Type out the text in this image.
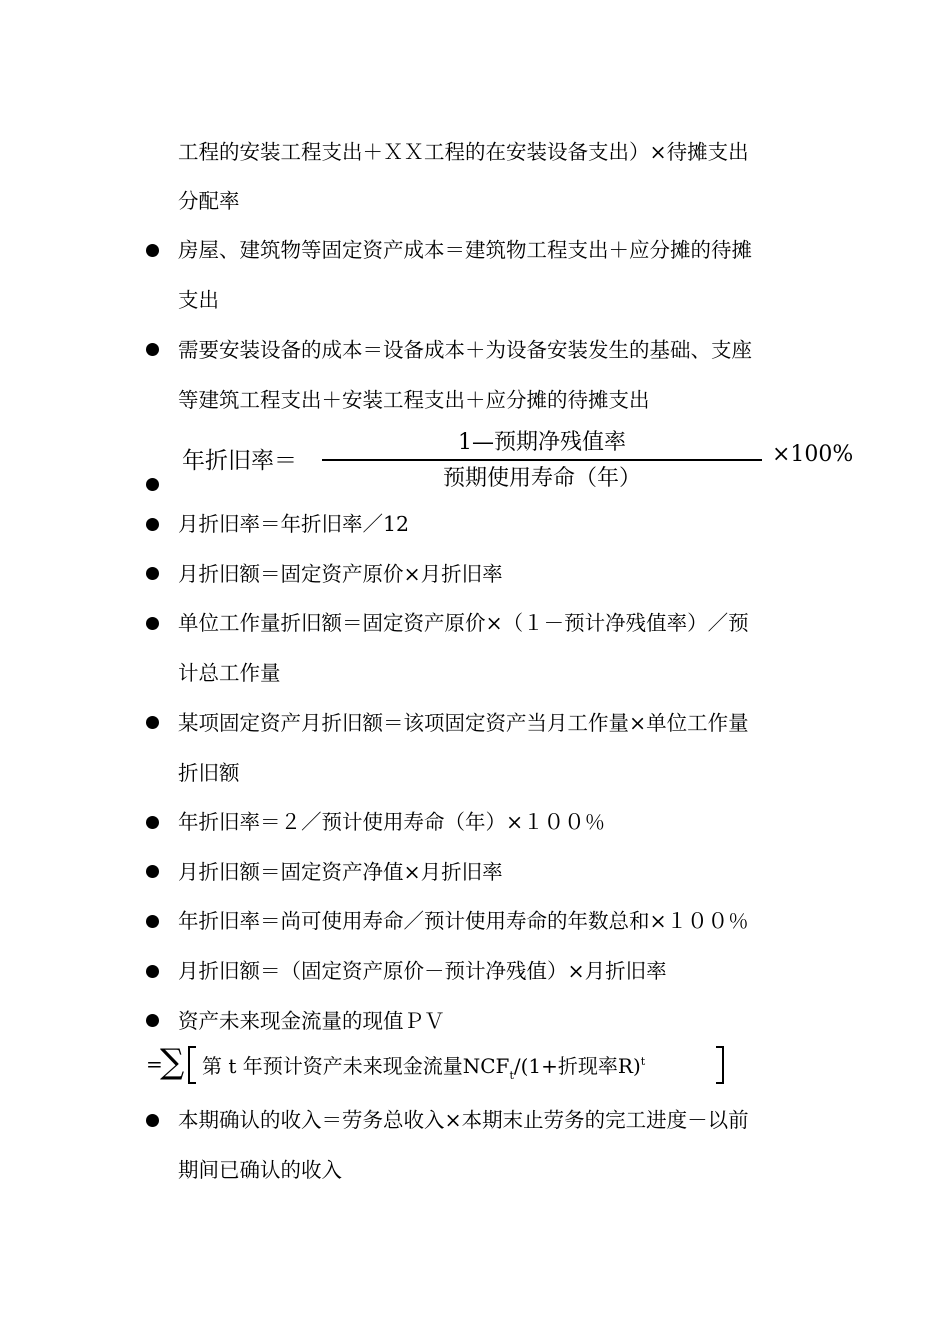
工程的安装工程支出＋ＸＸ工程的在安装设备支出）×待摊支出
分配率
房屋、建筑物等固定资产成本＝建筑物工程支出＋应分摊的待摊
支出
需要安装设备的成本＝设备成本＋为设备安装发生的基础、支座
等建筑工程支出＋安装工程支出＋应分摊的待摊支出
年折旧率＝
1—预期净残值率
预期使用寿命（年）
×100%
月折旧率＝年折旧率／12
月折旧额＝固定资产原价×月折旧率
单位工作量折旧额＝固定资产原价×（１－预计净残值率）／预
计总工作量
某项固定资产月折旧额＝该项固定资产当月工作量×单位工作量
折旧额
年折旧率＝２／预计使用寿命（年）×１００％
月折旧额＝固定资产净值×月折旧率
年折旧率＝尚可使用寿命／预计使用寿命的年数总和×１００％
月折旧额＝（固定资产原价－预计净残值）×月折旧率
资产未来现金流量的现值ＰＶ
=
∑ 第 t 年预计资产未来现金流量$NCF_t/(1+$折现率R)$^t$
本期确认的收入＝劳务总收入×本期末止劳务的完工进度－以前
期间已确认的收入
